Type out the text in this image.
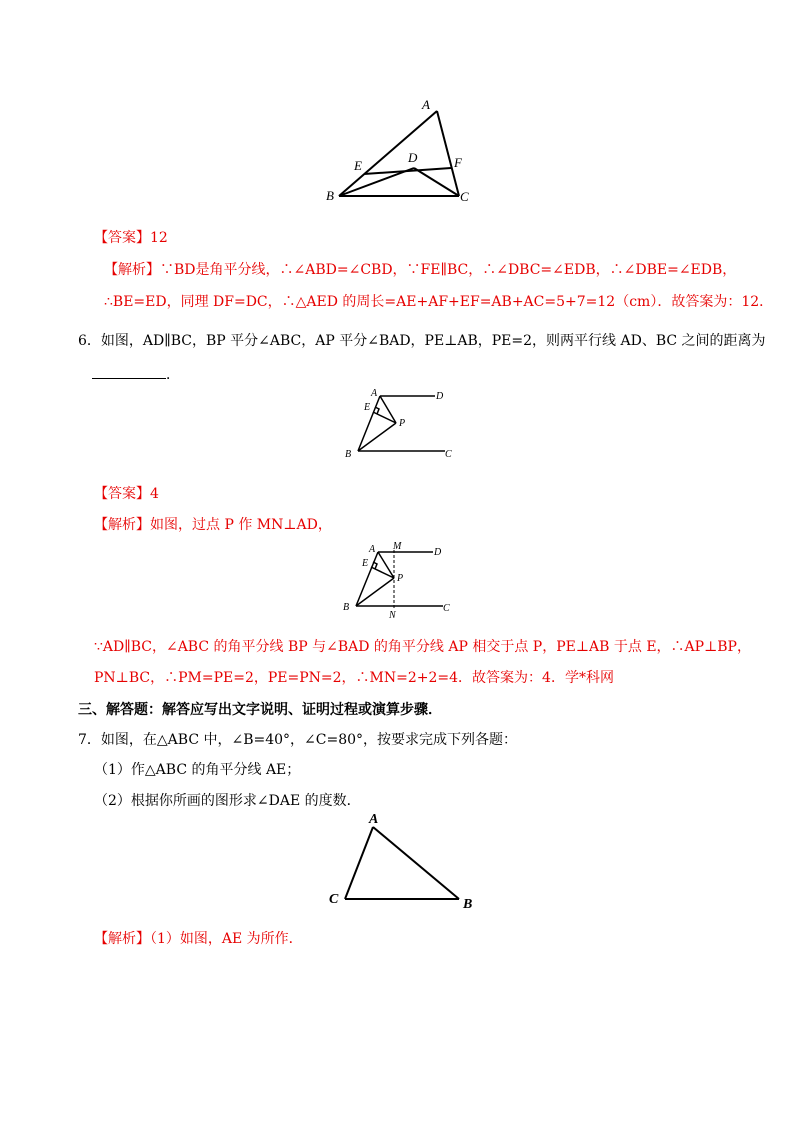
A
E
D	F
B	C
【答案】12
【解析】∵BD是角平分线，∴∠ABD=∠CBD，∵FE∥BC，∴∠DBC=∠EDB，∴∠DBE=∠EDB，
∴BE=ED，同理 DF=DC，∴△AED 的周长=AE+AF+EF=AB+AC=5+7=12（cm）．故答案为：12．
6．如图，AD∥BC，BP 平分∠ABC，AP 平分∠BAD，PE⊥AB，PE=2，则两平行线 AD、BC 之间的距离为
．
A	D
E
P
B	C
【答案】4
【解析】如图，过点 P 作 MN⊥AD，
A M
D
E
P
B
N
C
∵AD∥BC，∠ABC 的角平分线 BP 与∠BAD 的角平分线 AP 相交于点 P，PE⊥AB 于点 E，∴AP⊥BP，
PN⊥BC，∴PM=PE=2，PE=PN=2，∴MN=2+2=4．故答案为：4．学*科网
三、解答题：解答应写出文字说明、证明过程或演算步骤．
7．如图，在△ABC 中，∠B=40°，∠C=80°，按要求完成下列各题：
（1）作△ABC 的角平分线 AE；
（2）根据你所画的图形求∠DAE 的度数．
A
C	B
【解析】（1）如图，AE 为所作．
